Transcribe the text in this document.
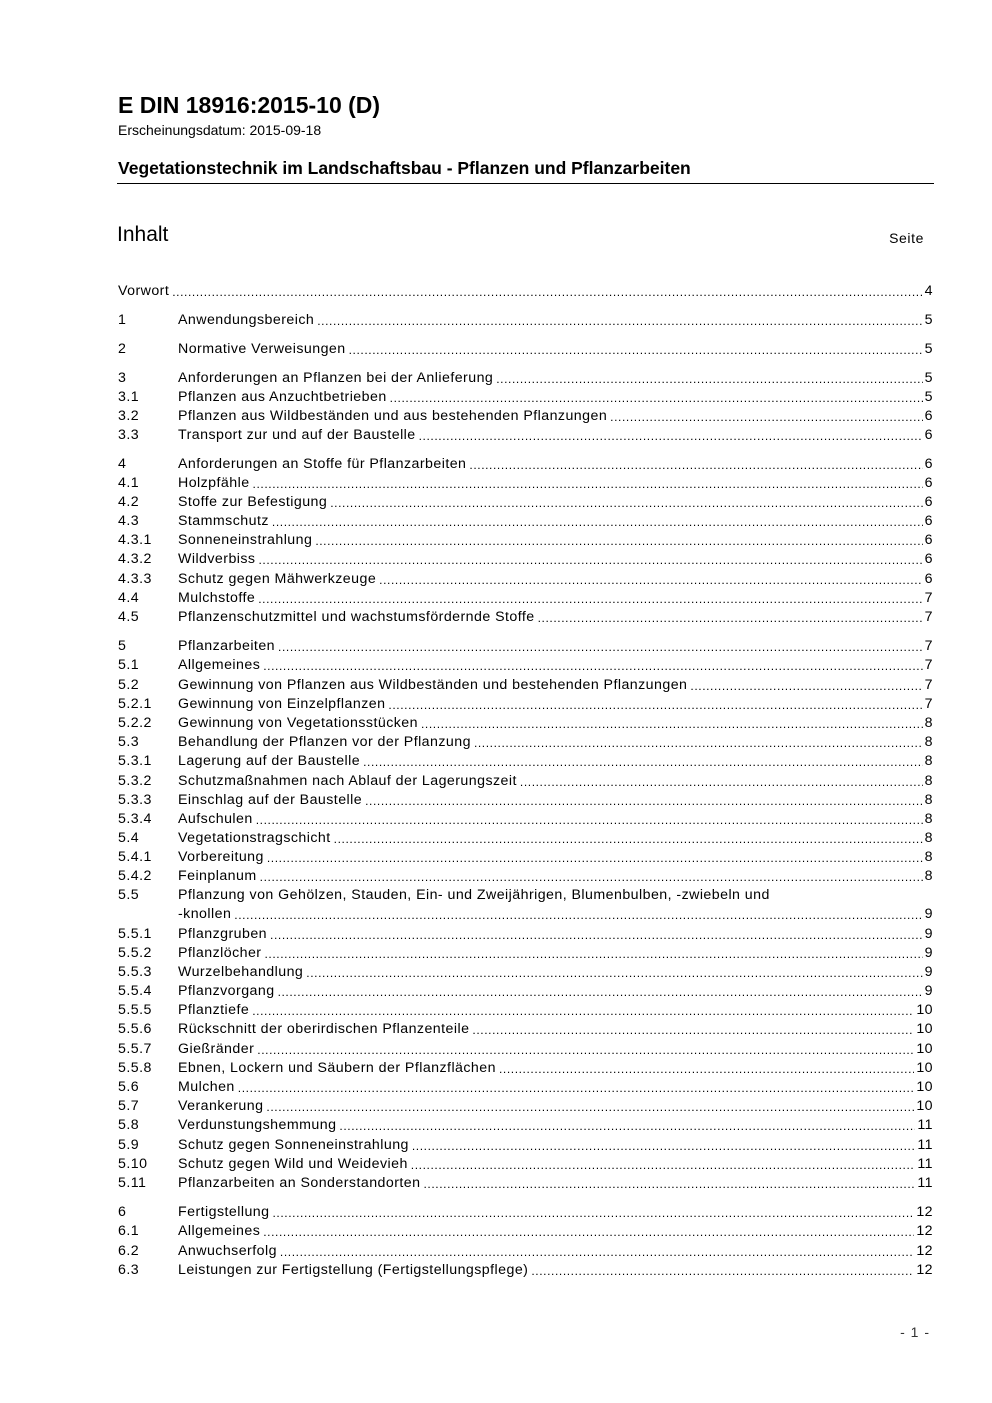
E DIN 18916:2015-10 (D)
Erscheinungsdatum: 2015-09-18
Vegetationstechnik im Landschaftsbau - Pflanzen und Pflanzarbeiten
Inhalt	Seite
Vorwort .....	4
1	Anwendungsbereich .....	5
2	Normative Verweisungen .....	5
3	Anforderungen an Pflanzen bei der Anlieferung .....	5
3.1	Pflanzen aus Anzuchtbetrieben .....	5
3.2	Pflanzen aus Wildbeständen und aus bestehenden Pflanzungen .....	6
3.3	Transport zur und auf der Baustelle .....	6
4	Anforderungen an Stoffe für Pflanzarbeiten .....	6
4.1	Holzpfähle .....	6
4.2	Stoffe zur Befestigung .....	6
4.3	Stammschutz .....	6
4.3.1	Sonneneinstrahlung .....	6
4.3.2	Wildverbiss .....	6
4.3.3	Schutz gegen Mähwerkzeuge .....	6
4.4	Mulchstoffe .....	7
4.5	Pflanzenschutzmittel und wachstumsfördernde Stoffe .....	7
5	Pflanzarbeiten .....	7
5.1	Allgemeines .....	7
5.2	Gewinnung von Pflanzen aus Wildbeständen und bestehenden Pflanzungen .....	7
5.2.1	Gewinnung von Einzelpflanzen .....	7
5.2.2	Gewinnung von Vegetationsstücken .....	8
5.3	Behandlung der Pflanzen vor der Pflanzung .....	8
5.3.1	Lagerung auf der Baustelle .....	8
5.3.2	Schutzmaßnahmen nach Ablauf der Lagerungszeit .....	8
5.3.3	Einschlag auf der Baustelle .....	8
5.3.4	Aufschulen .....	8
5.4	Vegetationstragschicht .....	8
5.4.1	Vorbereitung .....	8
5.4.2	Feinplanum .....	8
5.5	Pflanzung von Gehölzen, Stauden, Ein- und Zweijährigen, Blumenbulben, -zwiebeln und
-knollen .....	9
5.5.1	Pflanzgruben .....	9
5.5.2	Pflanzlöcher .....	9
5.5.3	Wurzelbehandlung .....	9
5.5.4	Pflanzvorgang .....	9
5.5.5	Pflanztiefe .....	10
5.5.6	Rückschnitt der oberirdischen Pflanzenteile .....	10
5.5.7	Gießränder .....	10
5.5.8	Ebnen, Lockern und Säubern der Pflanzflächen .....	10
5.6	Mulchen .....	10
5.7	Verankerung .....	10
5.8	Verdunstungshemmung .....	11
5.9	Schutz gegen Sonneneinstrahlung .....	11
5.10	Schutz gegen Wild und Weidevieh .....	11
5.11	Pflanzarbeiten an Sonderstandorten .....	11
6	Fertigstellung .....	12
6.1	Allgemeines .....	12
6.2	Anwuchserfolg .....	12
6.3	Leistungen zur Fertigstellung (Fertigstellungspflege) .....	12
- 1 -
